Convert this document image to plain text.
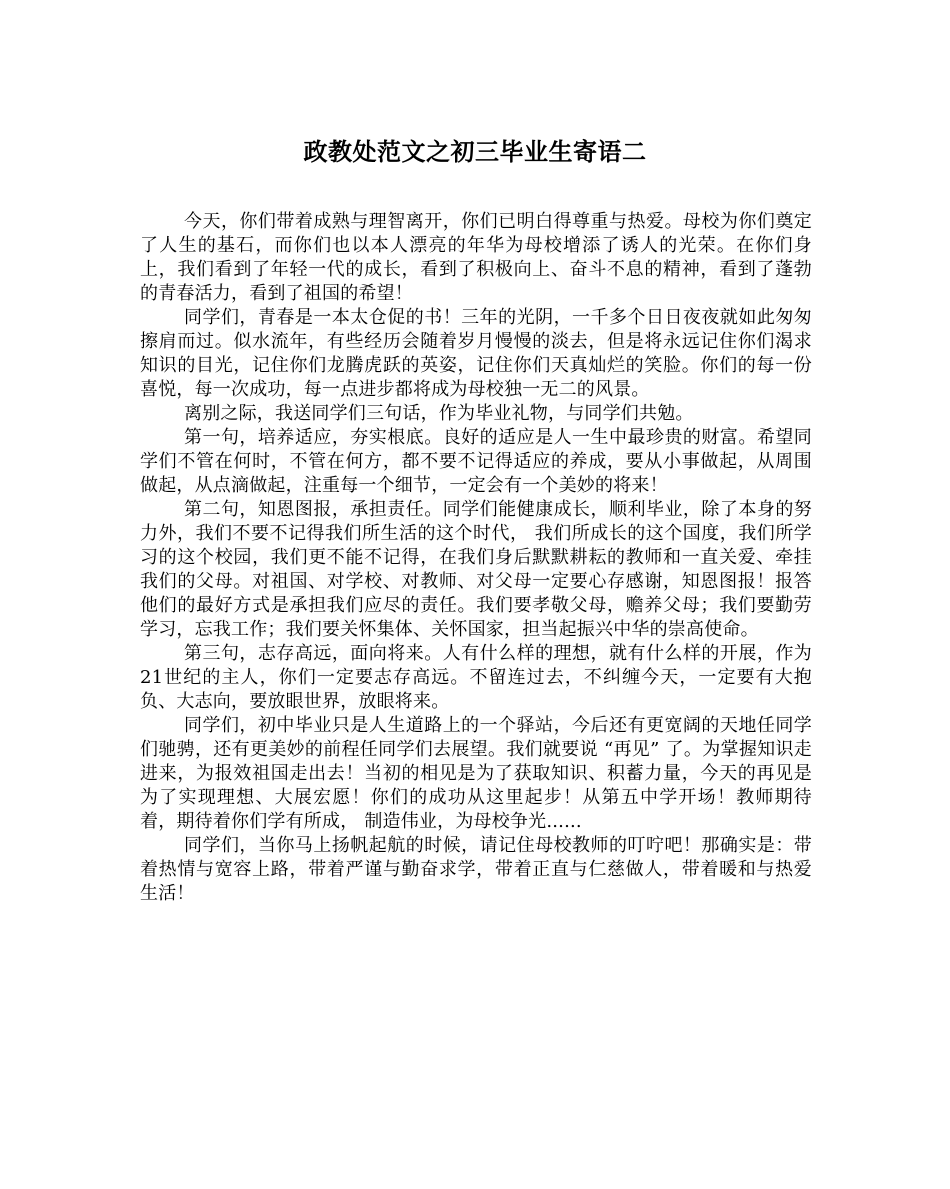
政教处范文之初三毕业生寄语二

今天，你们带着成熟与理智离开，你们已明白得尊重与热爱。母校为你们奠定了人生的基石，而你们也以本人漂亮的年华为母校增添了诱人的光荣。在你们身上，我们看到了年轻一代的成长，看到了积极向上、奋斗不息的精神，看到了蓬勃的青春活力，看到了祖国的希望！

同学们，青春是一本太仓促的书！三年的光阴，一千多个日日夜夜就如此匆匆擦肩而过。似水流年，有些经历会随着岁月慢慢的淡去，但是将永远记住你们渴求知识的目光，记住你们龙腾虎跃的英姿，记住你们天真灿烂的笑脸。你们的每一份喜悦，每一次成功，每一点进步都将成为母校独一无二的风景。

离别之际，我送同学们三句话，作为毕业礼物，与同学们共勉。

第一句，培养适应，夯实根底。良好的适应是人一生中最珍贵的财富。希望同学们不管在何时，不管在何方，都不要不记得适应的养成，要从小事做起，从周围做起，从点滴做起，注重每一个细节，一定会有一个美妙的将来！

第二句，知恩图报，承担责任。同学们能健康成长，顺利毕业，除了本身的努力外，我们不要不记得我们所生活的这个时代， 我们所成长的这个国度，我们所学习的这个校园，我们更不能不记得，在我们身后默默耕耘的教师和一直关爱、牵挂我们的父母。对祖国、对学校、对教师、对父母一定要心存感谢，知恩图报！报答他们的最好方式是承担我们应尽的责任。我们要孝敬父母，赡养父母；我们要勤劳学习，忘我工作；我们要关怀集体、关怀国家，担当起振兴中华的崇高使命。

第三句，志存高远，面向将来。人有什么样的理想，就有什么样的开展，作为21世纪的主人，你们一定要志存高远。不留连过去，不纠缠今天，一定要有大抱负、大志向，要放眼世界，放眼将来。

同学们，初中毕业只是人生道路上的一个驿站，今后还有更宽阔的天地任同学们驰骋，还有更美妙的前程任同学们去展望。我们就要说 “再见” 了。为掌握知识走进来，为报效祖国走出去！当初的相见是为了获取知识、积蓄力量，今天的再见是为了实现理想、大展宏愿！你们的成功从这里起步！从第五中学开场！教师期待着，期待着你们学有所成， 制造伟业，为母校争光......

同学们，当你马上扬帆起航的时候，请记住母校教师的叮咛吧！那确实是：带着热情与宽容上路，带着严谨与勤奋求学，带着正直与仁慈做人，带着暖和与热爱生活！
